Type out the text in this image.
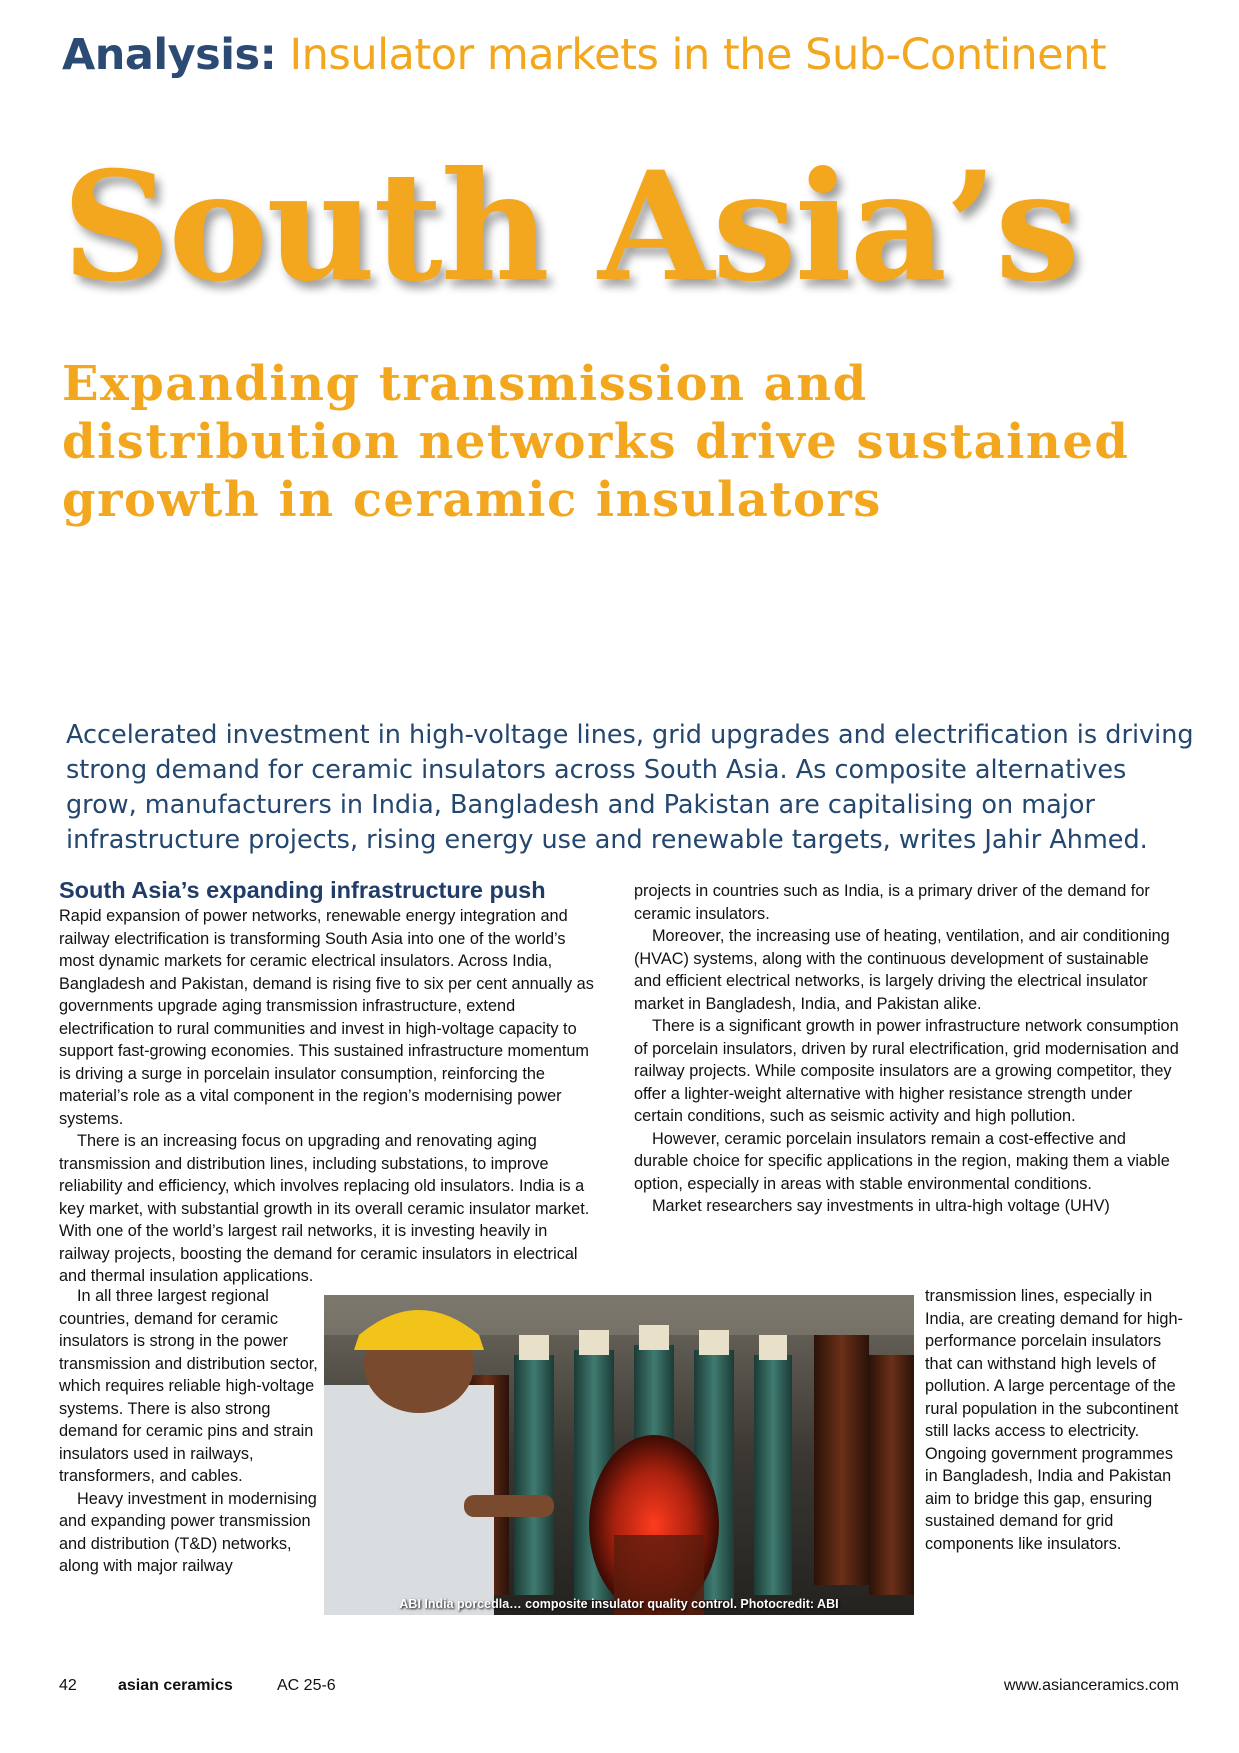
Analysis: Insulator markets in the Sub-Continent
South Asia’s
Expanding transmission and distribution networks drive sustained growth in ceramic insulators
Accelerated investment in high-voltage lines, grid upgrades and electrification is driving strong demand for ceramic insulators across South Asia. As composite alternatives grow, manufacturers in India, Bangladesh and Pakistan are capitalising on major infrastructure projects, rising energy use and renewable targets, writes Jahir Ahmed.
South Asia’s expanding infrastructure push

Rapid expansion of power networks, renewable energy integration and railway electrification is transforming South Asia into one of the world’s most dynamic markets for ceramic electrical insulators. Across India, Bangladesh and Pakistan, demand is rising five to six per cent annually as governments upgrade aging transmission infrastructure, extend electrification to rural communities and invest in high-voltage capacity to support fast-growing economies. This sustained infrastructure momentum is driving a surge in porcelain insulator consumption, reinforcing the material’s role as a vital component in the region’s modernising power systems.

There is an increasing focus on upgrading and renovating aging transmission and distribution lines, including substations, to improve reliability and efficiency, which involves replacing old insulators. India is a key market, with substantial growth in its overall ceramic insulator market. With one of the world’s largest rail networks, it is investing heavily in railway projects, boosting the demand for ceramic insulators in electrical and thermal insulation applications.

In all three largest regional countries, demand for ceramic insulators is strong in the power transmission and distribution sector, which requires reliable high-voltage systems. There is also strong demand for ceramic pins and strain insulators used in railways, transformers, and cables.

Heavy investment in modernising and expanding power transmission and distribution (T&D) networks, along with major railway

projects in countries such as India, is a primary driver of the demand for ceramic insulators.

Moreover, the increasing use of heating, ventilation, and air conditioning (HVAC) systems, along with the continuous development of sustainable and efficient electrical networks, is largely driving the electrical insulator market in Bangladesh, India, and Pakistan alike.

There is a significant growth in power infrastructure network consumption of porcelain insulators, driven by rural electrification, grid modernisation and railway projects. While composite insulators are a growing competitor, they offer a lighter-weight alternative with higher resistance strength under certain conditions, such as seismic activity and high pollution.

However, ceramic porcelain insulators remain a cost-effective and durable choice for specific applications in the region, making them a viable option, especially in areas with stable environmental conditions.

Market researchers say investments in ultra-high voltage (UHV)

transmission lines, especially in India, are creating demand for high-performance porcelain insulators that can withstand high levels of pollution. A large percentage of the rural population in the subcontinent still lacks access to electricity. Ongoing government programmes in Bangladesh, India and Pakistan aim to bridge this gap, ensuring sustained demand for grid components like insulators.

ABI India porcedla… composite insulator quality control. Photocredit: ABI
42	asian ceramics	AC 25-6	www.asianceramics.com
